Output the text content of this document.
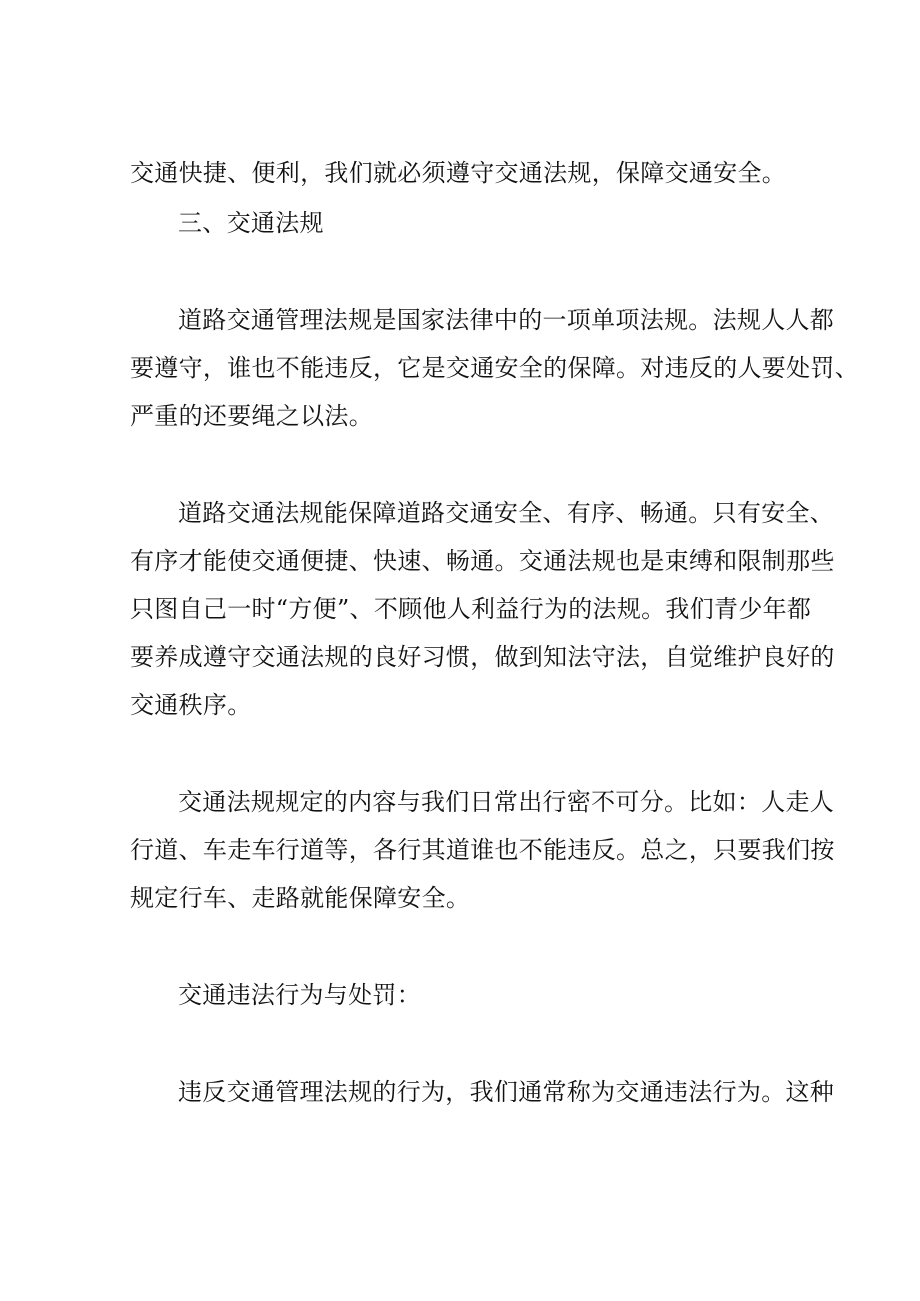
交通快捷、便利，我们就必须遵守交通法规，保障交通安全。
三、交通法规
道路交通管理法规是国家法律中的一项单项法规。法规人人都
要遵守，谁也不能违反，它是交通安全的保障。对违反的人要处罚、
严重的还要绳之以法。
道路交通法规能保障道路交通安全、有序、畅通。只有安全、
有序才能使交通便捷、快速、畅通。交通法规也是束缚和限制那些
只图自己一时“方便”、不顾他人利益行为的法规。我们青少年都
要养成遵守交通法规的良好习惯，做到知法守法，自觉维护良好的
交通秩序。
交通法规规定的内容与我们日常出行密不可分。比如：人走人
行道、车走车行道等，各行其道谁也不能违反。总之，只要我们按
规定行车、走路就能保障安全。
交通违法行为与处罚：
违反交通管理法规的行为，我们通常称为交通违法行为。这种
